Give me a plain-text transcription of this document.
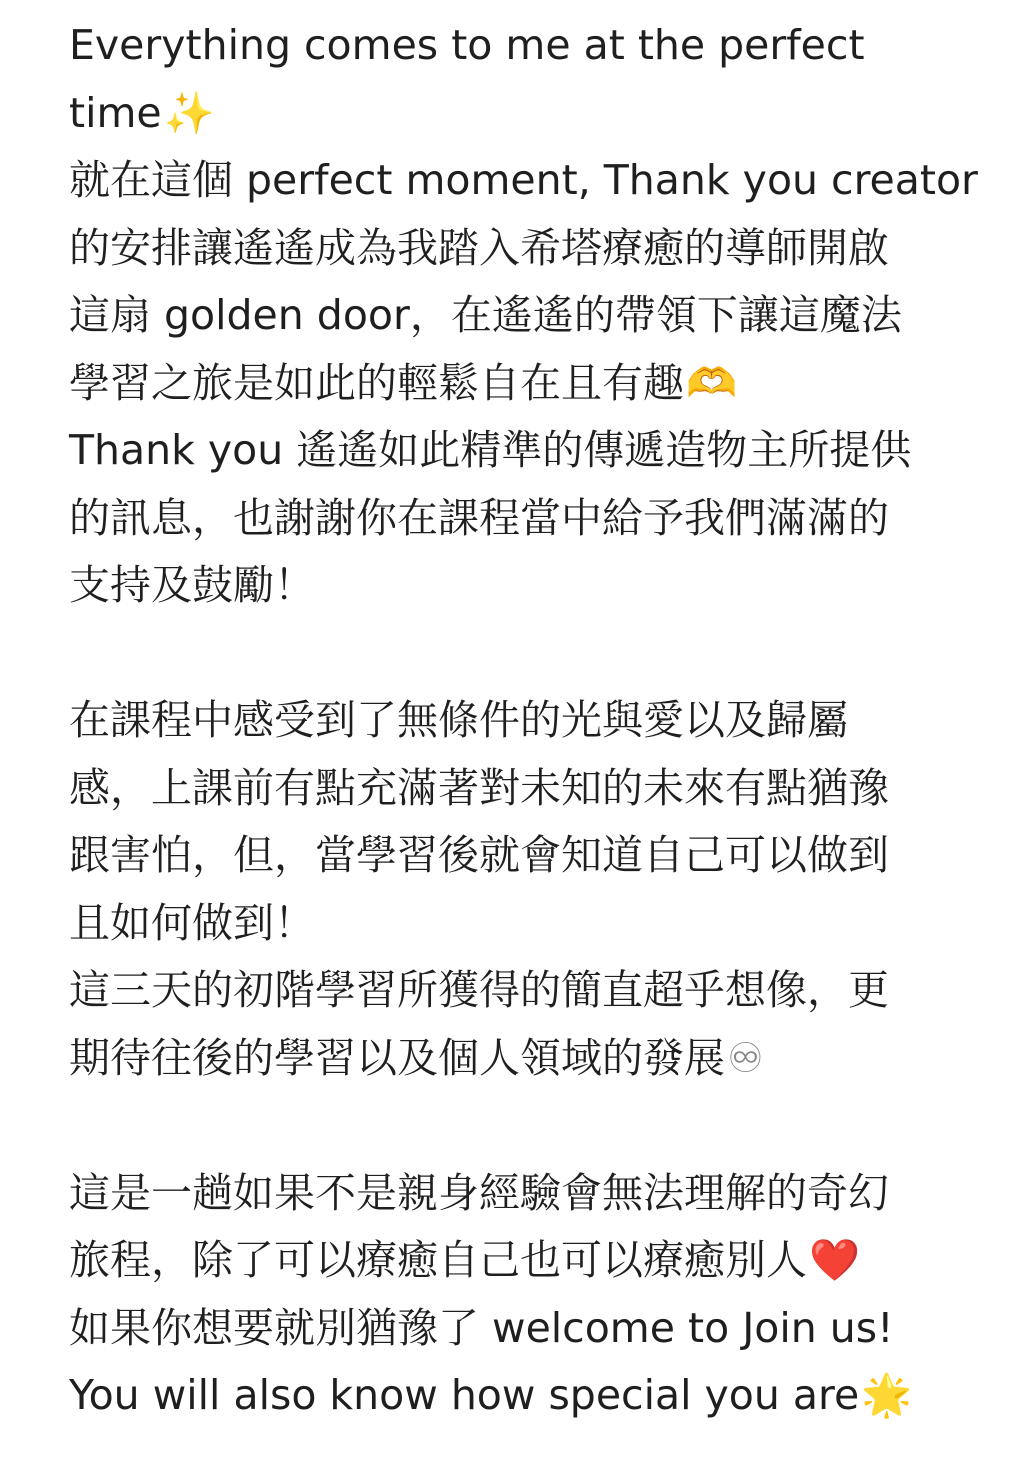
Everything comes to me at the perfect
time✨
就在這個 perfect moment, Thank you creator
的安排讓遙遙成為我踏入希塔療癒的導師開啟
這扇 golden door，在遙遙的帶領下讓這魔法
學習之旅是如此的輕鬆自在且有趣🫶
Thank you 遙遙如此精準的傳遞造物主所提供
的訊息，也謝謝你在課程當中給予我們滿滿的
支持及鼓勵！
在課程中感受到了無條件的光與愛以及歸屬
感，上課前有點充滿著對未知的未來有點猶豫
跟害怕，但，當學習後就會知道自己可以做到
且如何做到！
這三天的初階學習所獲得的簡直超乎想像，更
期待往後的學習以及個人領域的發展♾
這是一趟如果不是親身經驗會無法理解的奇幻
旅程，除了可以療癒自己也可以療癒別人❤️
如果你想要就別猶豫了 welcome to Join us!
You will also know how special you are🌟
